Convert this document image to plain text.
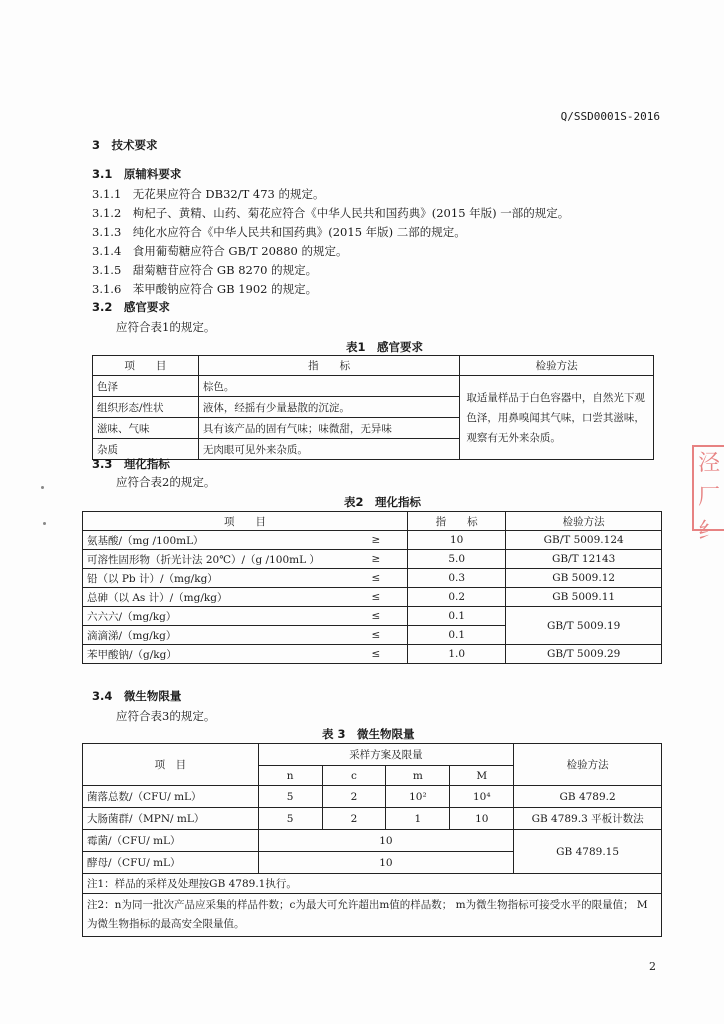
Q/SSD0001S-2016
3　技术要求
3.1　原辅料要求
3.1.1　无花果应符合 DB32/T 473 的规定。
3.1.2　枸杞子、黄精、山药、菊花应符合《中华人民共和国药典》(2015 年版) 一部的规定。
3.1.3　纯化水应符合《中华人民共和国药典》(2015 年版) 二部的规定。
3.1.4　食用葡萄糖应符合 GB/T 20880 的规定。
3.1.5　甜菊糖苷应符合 GB 8270 的规定。
3.1.6　苯甲酸钠应符合 GB 1902 的规定。
3.2　感官要求
应符合表1的规定。
表1　感官要求
项　　目	指　　标	检验方法
色泽	棕色。	取适量样品于白色容器中，自然光下观色泽，用鼻嗅闻其气味，口尝其滋味，观察有无外来杂质。
组织形态/性状	液体，经摇有少量悬散的沉淀。	
滋味、气味	具有该产品的固有气味；味微甜，无异味	
杂质	无肉眼可见外来杂质。	
3.3　理化指标
应符合表2的规定。
表2　理化指标
项　　目		指　　标	检验方法
氨基酸/（mg /100mL）	≥	10	GB/T 5009.124
可溶性固形物（折光计法 20℃）/（g /100mL ）	≥	5.0	GB/T 12143
铅（以 Pb 计）/（mg/kg）	≤	0.3	GB 5009.12
总砷（以 As 计）/（mg/kg）	≤	0.2	GB 5009.11
六六六/（mg/kg）	≤	0.1	GB/T 5009.19
滴滴涕/（mg/kg）	≤	0.1	
苯甲酸钠/（g/kg）	≤	1.0	GB/T 5009.29
3.4　微生物限量
应符合表3的规定。
表 3　微生物限量
项　目	采样方案及限量				检验方法
	n	c	m	M	
菌落总数/（CFU/ mL）	5	2	10²	10⁴	GB 4789.2
大肠菌群/（MPN/ mL）	5	2	1	10	GB 4789.3 平板计数法
霉菌/（CFU/ mL）	10				GB 4789.15
酵母/（CFU/ mL）	10				
注1：样品的采样及处理按GB 4789.1执行。					
注2：n为同一批次产品应采集的样品件数；c为最大可允许超出m值的样品数； m为微生物指标可接受水平的限量值； M为微生物指标的最高安全限量值。					
2
泾
厂纟
